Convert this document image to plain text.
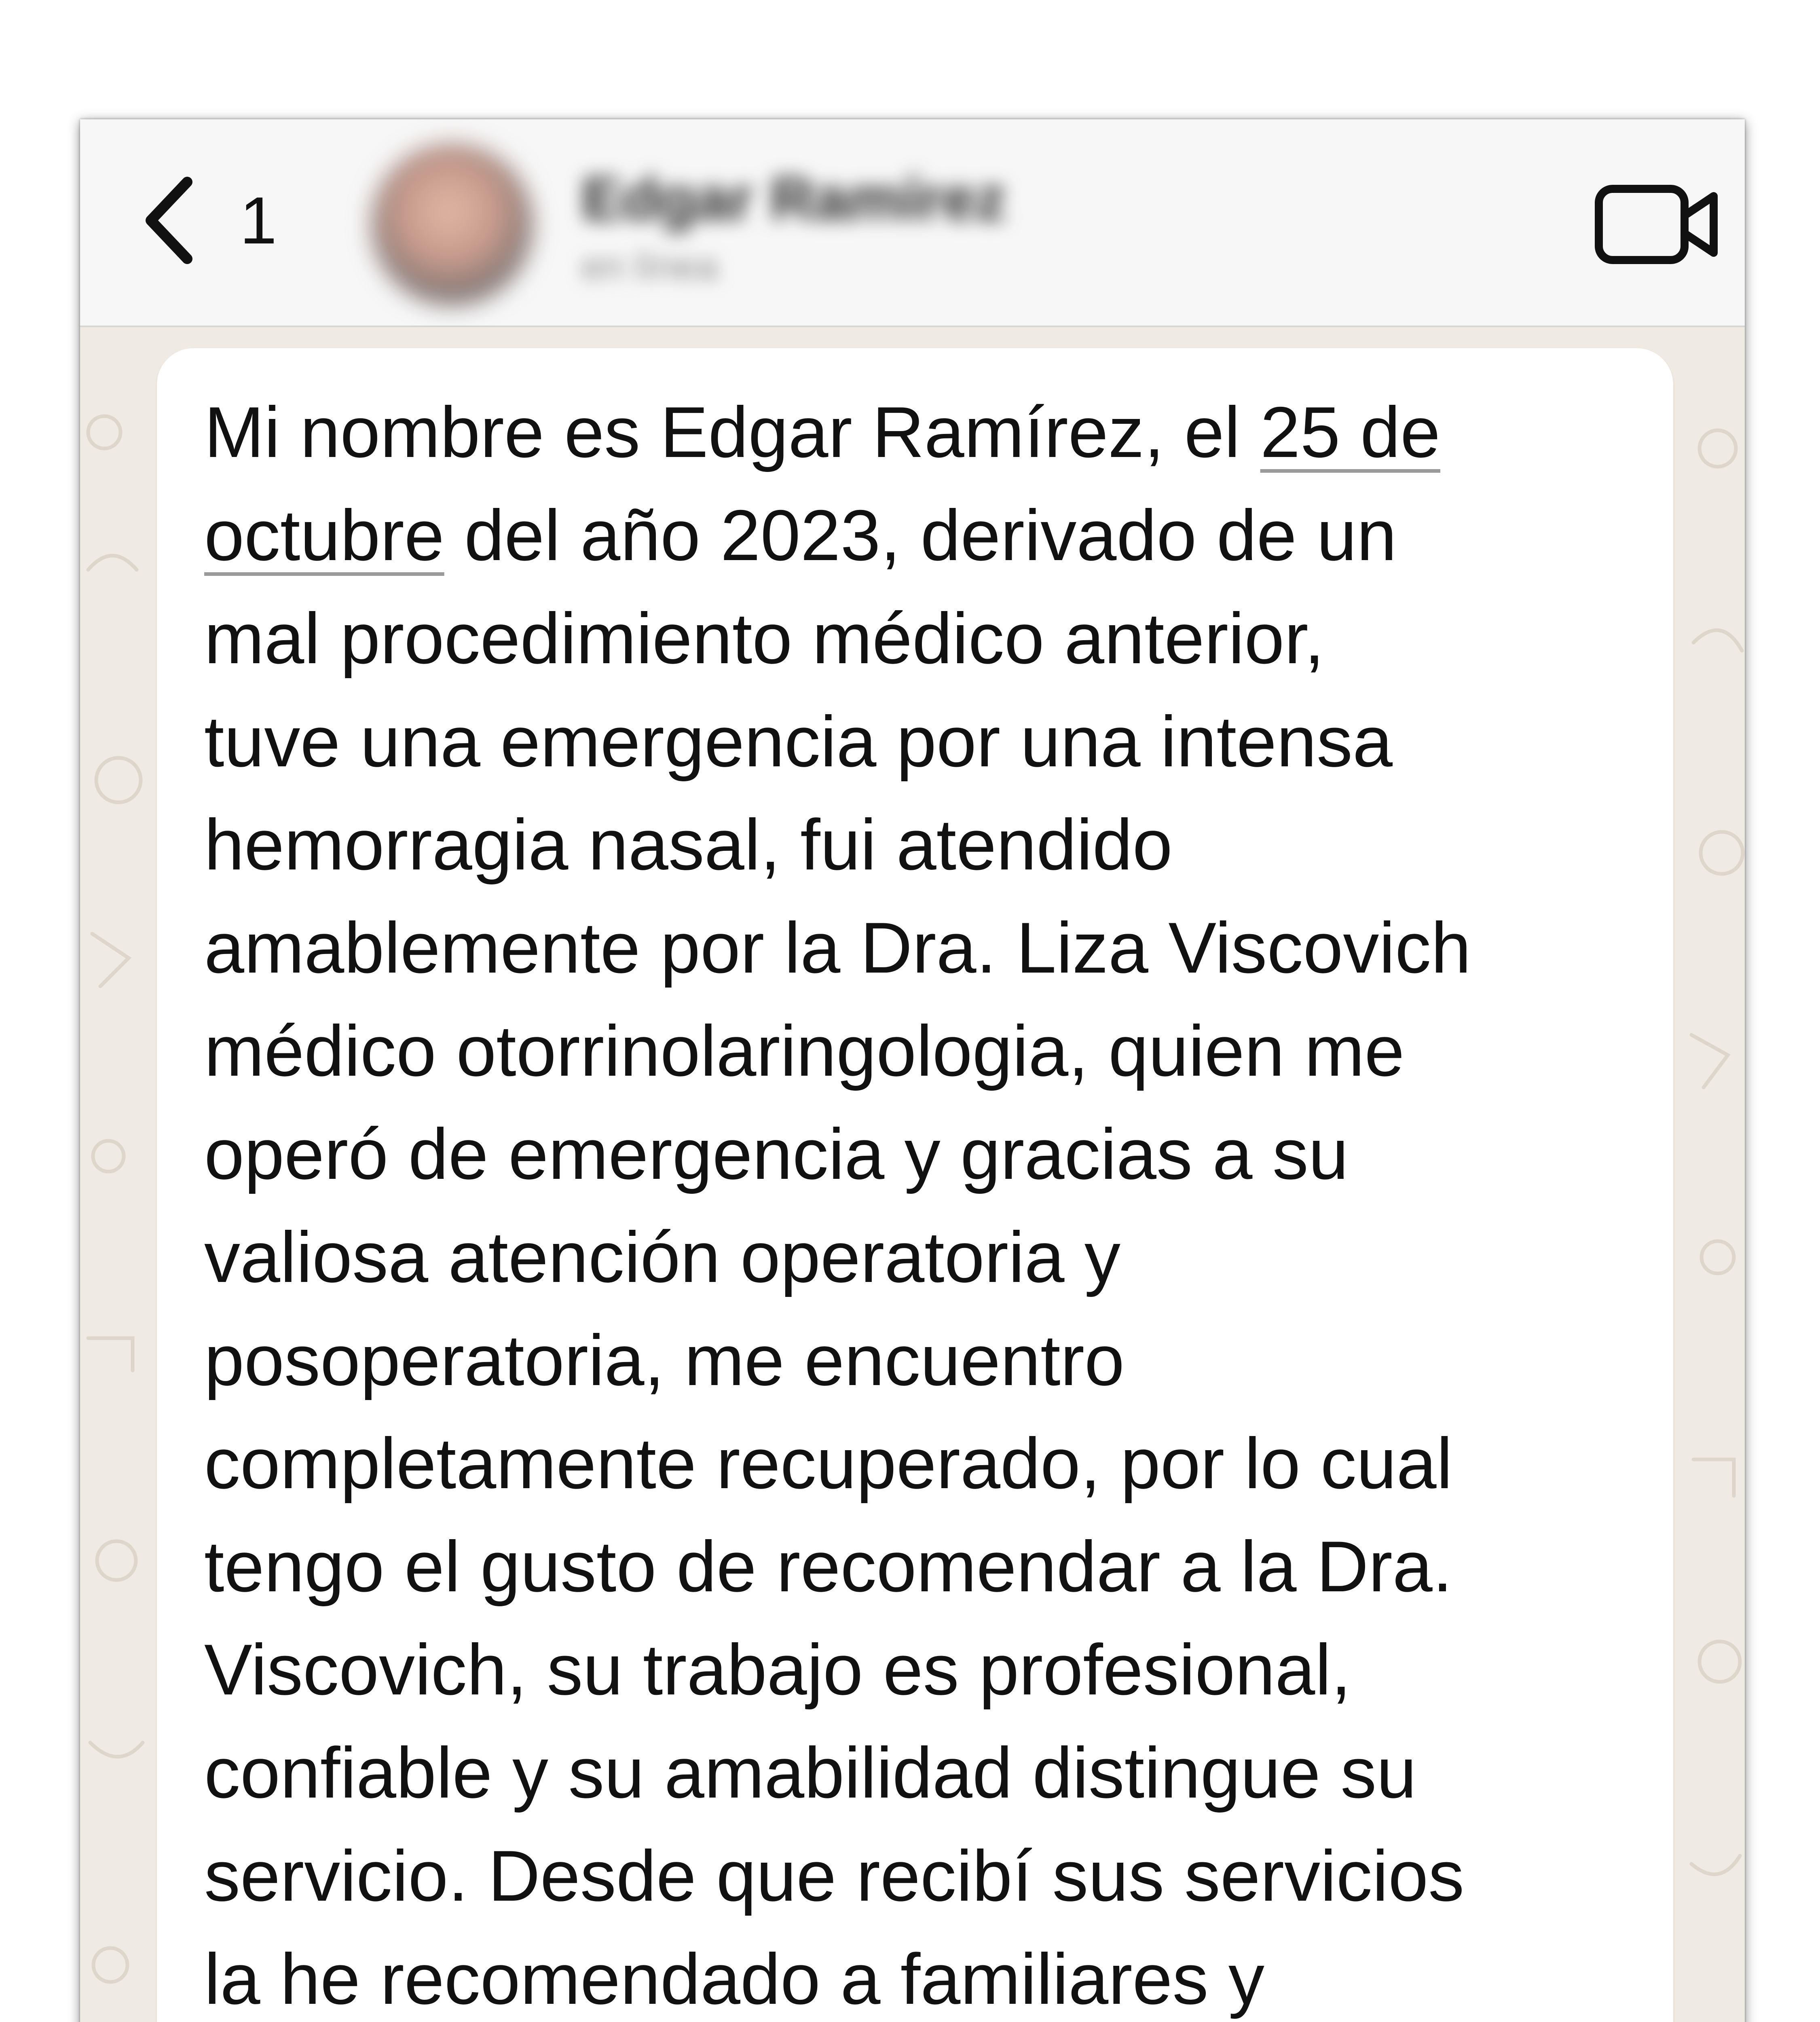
1	Edgar Ramírez
en línea

Mi nombre es Edgar Ramírez, el 25 de
octubre del año 2023, derivado de un
mal procedimiento médico anterior,
tuve una emergencia por una intensa
hemorragia nasal, fui atendido
amablemente por la Dra. Liza Viscovich
médico otorrinolaringologia, quien me
operó de emergencia y gracias a su
valiosa atención operatoria y
posoperatoria, me encuentro
completamente recuperado, por lo cual
tengo el gusto de recomendar a la Dra.
Viscovich, su trabajo es profesional,
confiable y su amabilidad distingue su
servicio. Desde que recibí sus servicios
la he recomendado a familiares y
